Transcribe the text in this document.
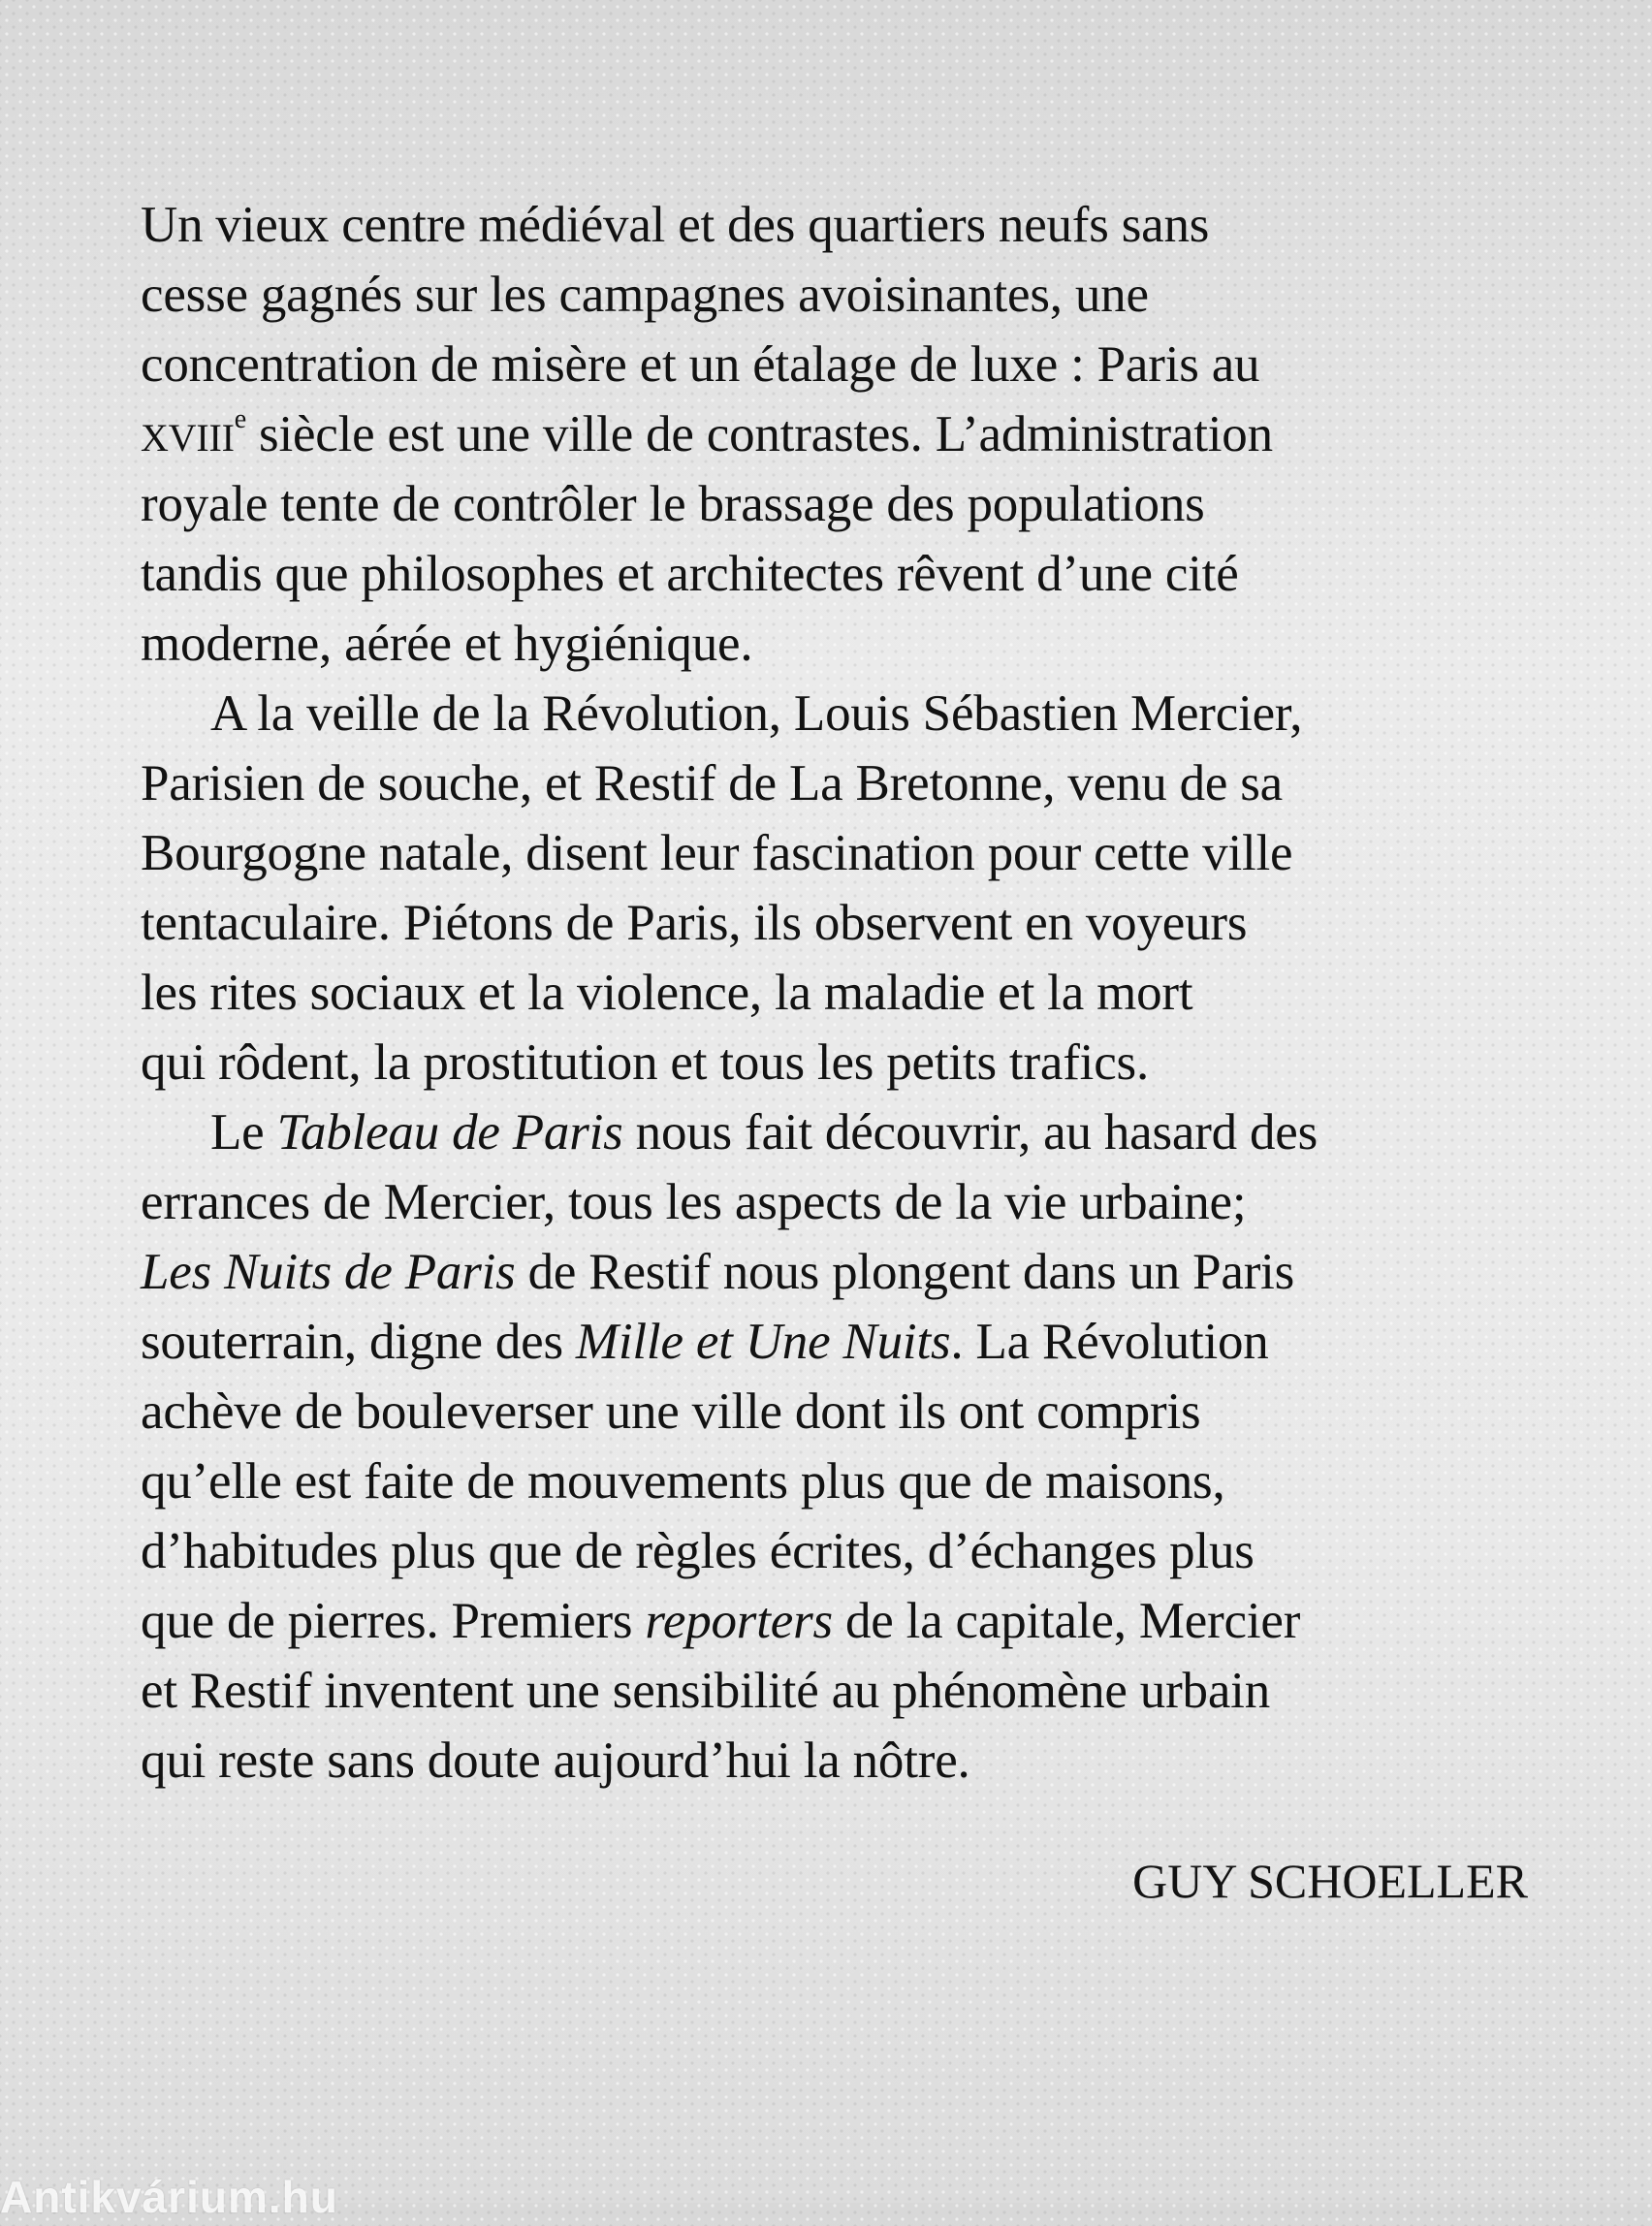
Un vieux centre médiéval et des quartiers neufs sans
cesse gagnés sur les campagnes avoisinantes, une
concentration de misère et un étalage de luxe : Paris au
XVIIIe siècle est une ville de contrastes. L’administration
royale tente de contrôler le brassage des populations
tandis que philosophes et architectes rêvent d’une cité
moderne, aérée et hygiénique.
A la veille de la Révolution, Louis Sébastien Mercier,
Parisien de souche, et Restif de La Bretonne, venu de sa
Bourgogne natale, disent leur fascination pour cette ville
tentaculaire. Piétons de Paris, ils observent en voyeurs
les rites sociaux et la violence, la maladie et la mort
qui rôdent, la prostitution et tous les petits trafics.
Le Tableau de Paris nous fait découvrir, au hasard des
errances de Mercier, tous les aspects de la vie urbaine;
Les Nuits de Paris de Restif nous plongent dans un Paris
souterrain, digne des Mille et Une Nuits. La Révolution
achève de bouleverser une ville dont ils ont compris
qu’elle est faite de mouvements plus que de maisons,
d’habitudes plus que de règles écrites, d’échanges plus
que de pierres. Premiers reporters de la capitale, Mercier
et Restif inventent une sensibilité au phénomène urbain
qui reste sans doute aujourd’hui la nôtre.
GUY SCHOELLER
Antikvárium.hu
